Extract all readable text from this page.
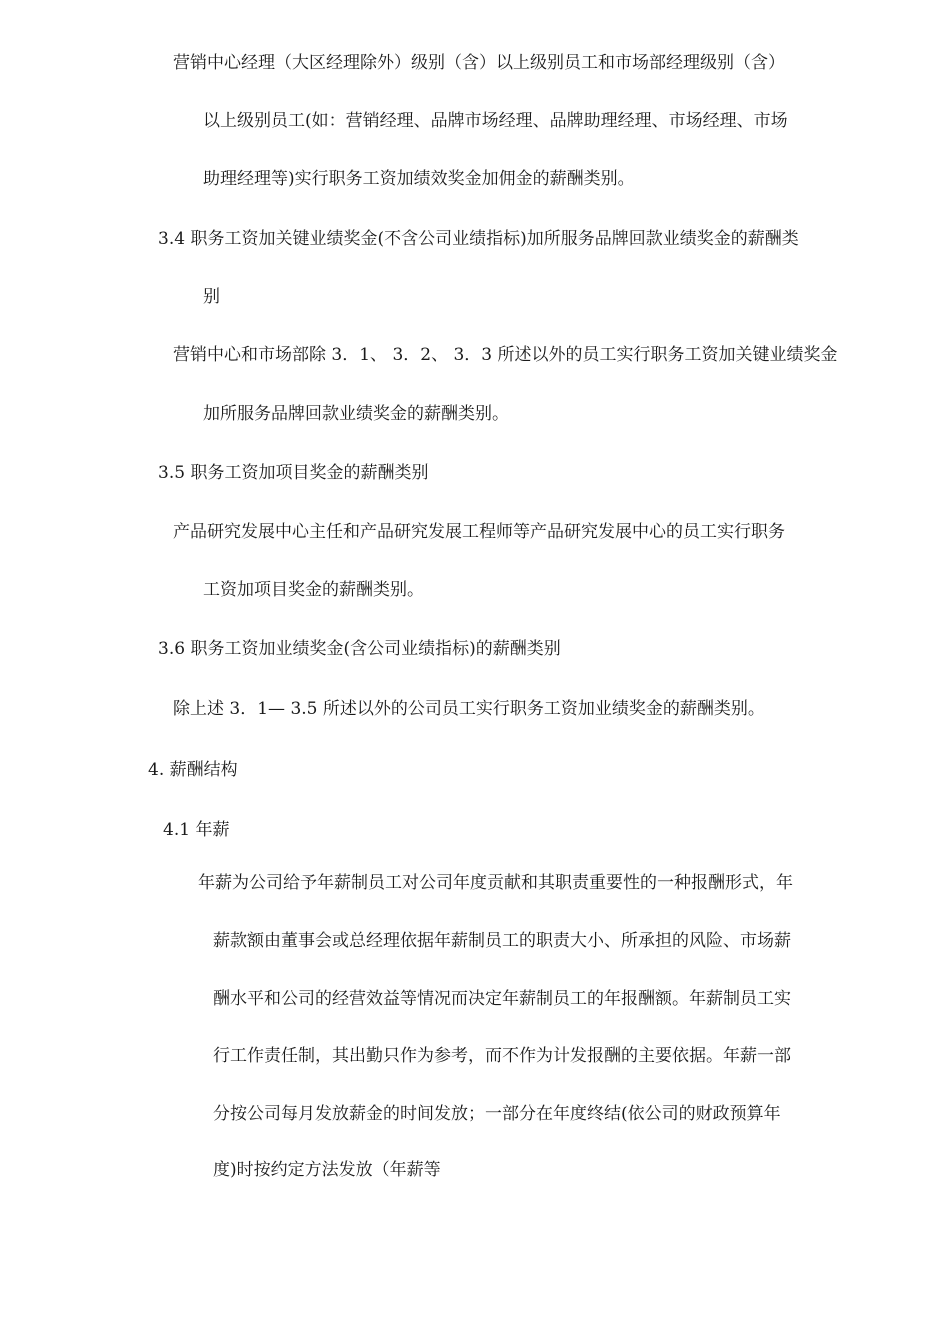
营销中心经理（大区经理除外）级别（含）以上级别员工和市场部经理级别（含）
以上级别员工(如：营销经理、品牌市场经理、品牌助理经理、市场经理、市场
助理经理等)实行职务工资加绩效奖金加佣金的薪酬类别。
3.4 职务工资加关键业绩奖金(不含公司业绩指标)加所服务品牌回款业绩奖金的薪酬类
别
营销中心和市场部除 3．1、 3．2、 3．3 所述以外的员工实行职务工资加关键业绩奖金
加所服务品牌回款业绩奖金的薪酬类别。
3.5 职务工资加项目奖金的薪酬类别
产品研究发展中心主任和产品研究发展工程师等产品研究发展中心的员工实行职务
工资加项目奖金的薪酬类别。
3.6 职务工资加业绩奖金(含公司业绩指标)的薪酬类别
除上述 3．1— 3.5 所述以外的公司员工实行职务工资加业绩奖金的薪酬类别。
4. 薪酬结构
4.1 年薪
年薪为公司给予年薪制员工对公司年度贡献和其职责重要性的一种报酬形式，年
薪款额由董事会或总经理依据年薪制员工的职责大小、所承担的风险、市场薪
酬水平和公司的经营效益等情况而决定年薪制员工的年报酬额。年薪制员工实
行工作责任制，其出勤只作为参考，而不作为计发报酬的主要依据。年薪一部
分按公司每月发放薪金的时间发放；一部分在年度终结(依公司的财政预算年
度)时按约定方法发放（年薪等
